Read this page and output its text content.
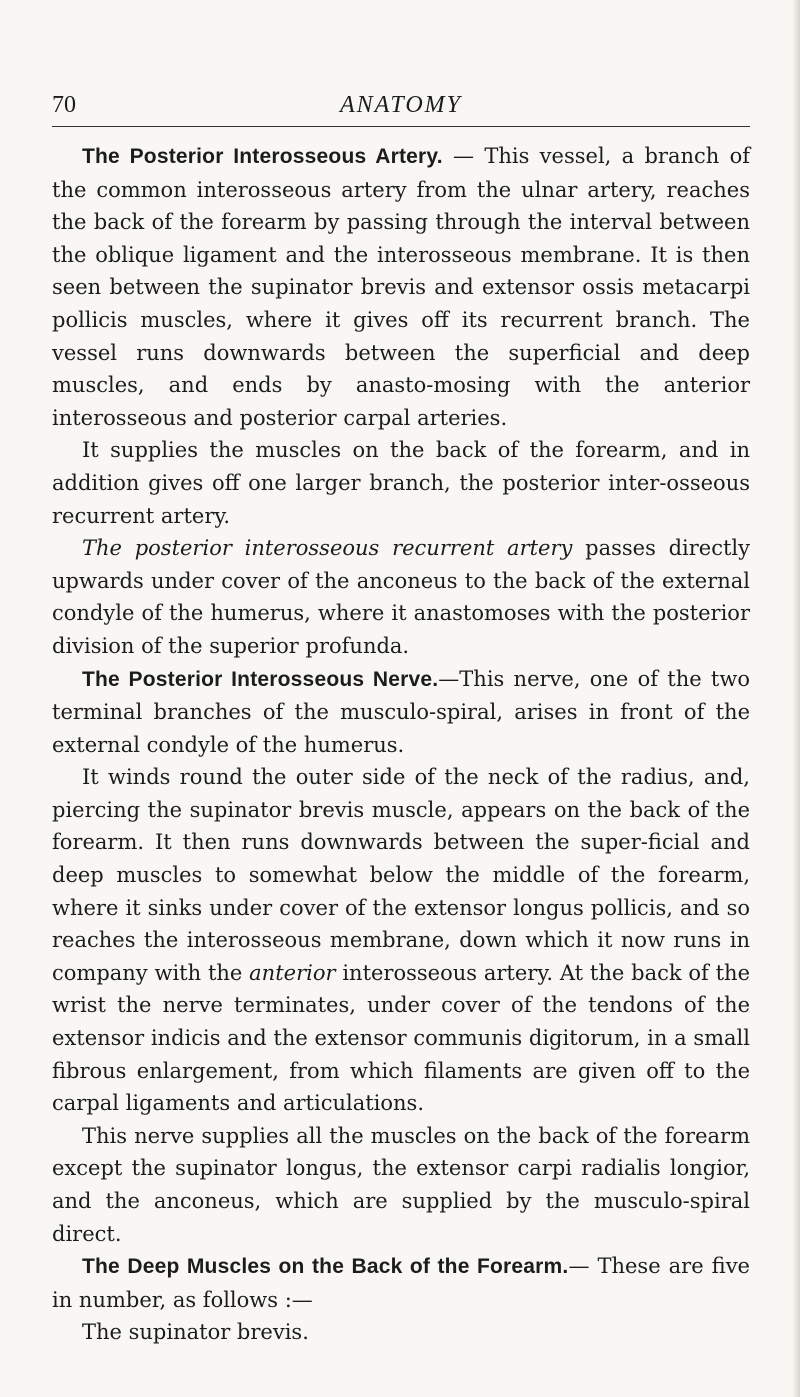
70	ANATOMY

The Posterior Interosseous Artery. — This vessel, a branch of the common interosseous artery from the ulnar artery, reaches the back of the forearm by passing through the interval between the oblique ligament and the interosseous membrane. It is then seen between the supinator brevis and extensor ossis metacarpi pollicis muscles, where it gives off its recurrent branch. The vessel runs downwards between the superficial and deep muscles, and ends by anasto-mosing with the anterior interosseous and posterior carpal arteries.

It supplies the muscles on the back of the forearm, and in addition gives off one larger branch, the posterior inter-osseous recurrent artery.

The posterior interosseous recurrent artery passes directly upwards under cover of the anconeus to the back of the external condyle of the humerus, where it anastomoses with the posterior division of the superior profunda.

The Posterior Interosseous Nerve.—This nerve, one of the two terminal branches of the musculo-spiral, arises in front of the external condyle of the humerus.

It winds round the outer side of the neck of the radius, and, piercing the supinator brevis muscle, appears on the back of the forearm. It then runs downwards between the super-ficial and deep muscles to somewhat below the middle of the forearm, where it sinks under cover of the extensor longus pollicis, and so reaches the interosseous membrane, down which it now runs in company with the anterior interosseous artery. At the back of the wrist the nerve terminates, under cover of the tendons of the extensor indicis and the extensor communis digitorum, in a small fibrous enlargement, from which filaments are given off to the carpal ligaments and articulations.

This nerve supplies all the muscles on the back of the forearm except the supinator longus, the extensor carpi radialis longior, and the anconeus, which are supplied by the musculo-spiral direct.

The Deep Muscles on the Back of the Forearm.— These are five in number, as follows :—

The supinator brevis.
